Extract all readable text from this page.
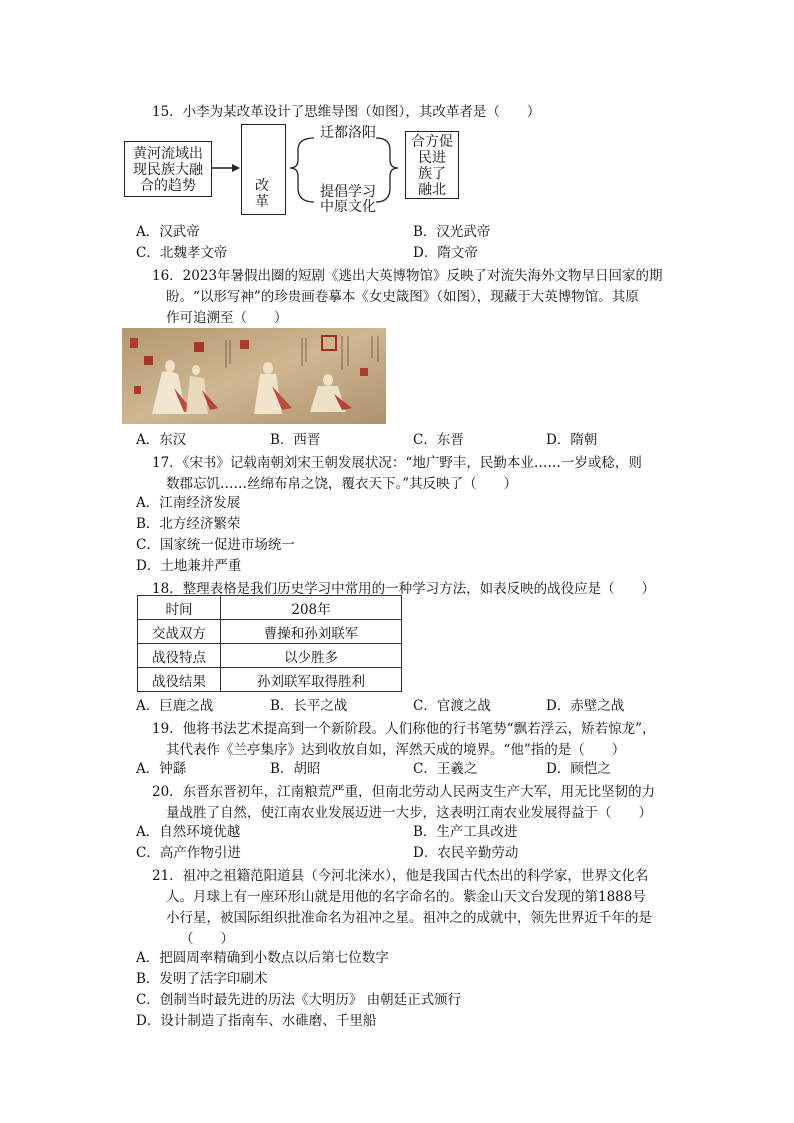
15．小李为某改革设计了思维导图（如图），其改革者是（　　）
黄河流域出
现民族大融
合的趋势	改
革
迁都洛阳
提倡学习
中原文化
合方促
民进
族了
融北
A．汉武帝	B．汉光武帝
C．北魏孝文帝	D．隋文帝
16．2023年暑假出圈的短剧《逃出大英博物馆》反映了对流失海外文物早日回家的期
盼。“以形写神”的珍贵画卷摹本《女史箴图》（如图），现藏于大英博物馆。其原
作可追溯至（　　）
A．东汉	B．西晋	C．东晋	D．隋朝
17．《宋书》记载南朝刘宋王朝发展状况：“地广野丰，民勤本业……一岁或稔，则
数郡忘饥……丝绵布帛之饶，覆衣天下。”其反映了（　　）
A．江南经济发展
B．北方经济繁荣
C．国家统一促进市场统一
D．土地兼并严重
18．整理表格是我们历史学习中常用的一种学习方法，如表反映的战役应是（　　）
时间	208年
交战双方	曹操和孙刘联军
战役特点	以少胜多
战役结果	孙刘联军取得胜利
A．巨鹿之战	B．长平之战	C．官渡之战	D．赤壁之战
19．他将书法艺术提高到一个新阶段。人们称他的行书笔势“飘若浮云，矫若惊龙”，
其代表作《兰亭集序》达到收放自如，浑然天成的境界。“他”指的是（　　）
A．钟繇	B．胡昭	C．王羲之	D．顾恺之
20．东晋东晋初年，江南粮荒严重，但南北劳动人民两支生产大军，用无比坚韧的力
量战胜了自然，使江南农业发展迈进一大步，这表明江南农业发展得益于（　　）
A．自然环境优越	B．生产工具改进
C．高产作物引进	D．农民辛勤劳动
21．祖冲之祖籍范阳道县（今河北涞水），他是我国古代杰出的科学家，世界文化名
人。月球上有一座环形山就是用他的名字命名的。紫金山天文台发现的第1888号
小行星，被国际组织批准命名为祖冲之星。祖冲之的成就中，领先世界近千年的是
（　　）
A．把圆周率精确到小数点以后第七位数字
B．发明了活字印刷术
C．创制当时最先进的历法《大明历》 由朝廷正式颁行
D．设计制造了指南车、水碓磨、千里船
